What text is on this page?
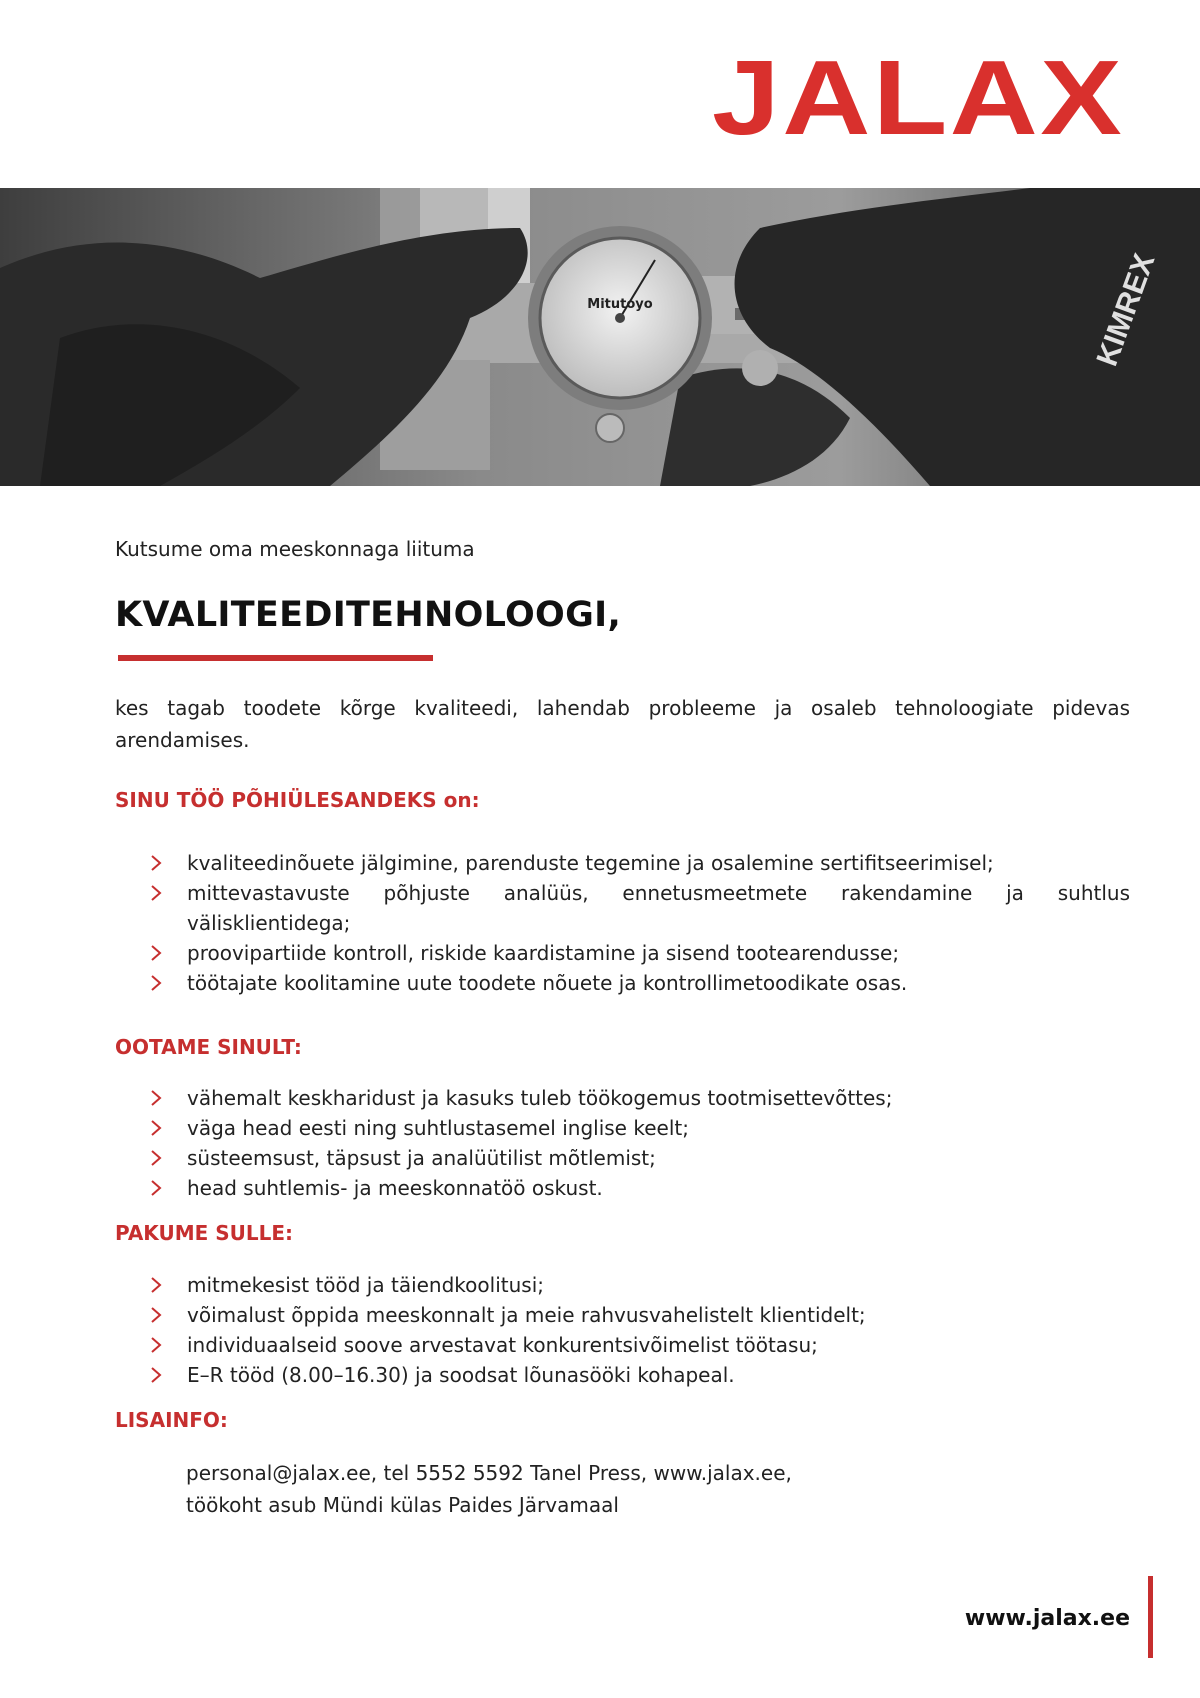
JALAX
KIMREX
Mitutoyo
Kutsume oma meeskonnaga liituma
KVALITEEDITEHNOLOOGI,
kes tagab toodete kõrge kvaliteedi, lahendab probleeme ja osaleb tehnoloogiate pidevas arendamises.
SINU TÖÖ PÕHIÜLESANDEKS on:
kvaliteedinõuete jälgimine, parenduste tegemine ja osalemine sertifitseerimisel;
mittevastavuste põhjuste analüüs, ennetusmeetmete rakendamine ja suhtlus välisklientidega;
proovipartiide kontroll, riskide kaardistamine ja sisend tootearendusse;
töötajate koolitamine uute toodete nõuete ja kontrollimetoodikate osas.
OOTAME SINULT:
vähemalt keskharidust ja kasuks tuleb töökogemus tootmisettevõttes;
väga head eesti ning suhtlustasemel inglise keelt;
süsteemsust, täpsust ja analüütilist mõtlemist;
head suhtlemis- ja meeskonnatöö oskust.
PAKUME SULLE:
mitmekesist tööd ja täiendkoolitusi;
võimalust õppida meeskonnalt ja meie rahvusvahelistelt klientidelt;
individuaalseid soove arvestavat konkurentsivõimelist töötasu;
E–R tööd (8.00–16.30) ja soodsat lõunasööki kohapeal.
LISAINFO:
personal@jalax.ee, tel 5552 5592 Tanel Press, www.jalax.ee,
töökoht asub Mündi külas Paides Järvamaal
www.jalax.ee
